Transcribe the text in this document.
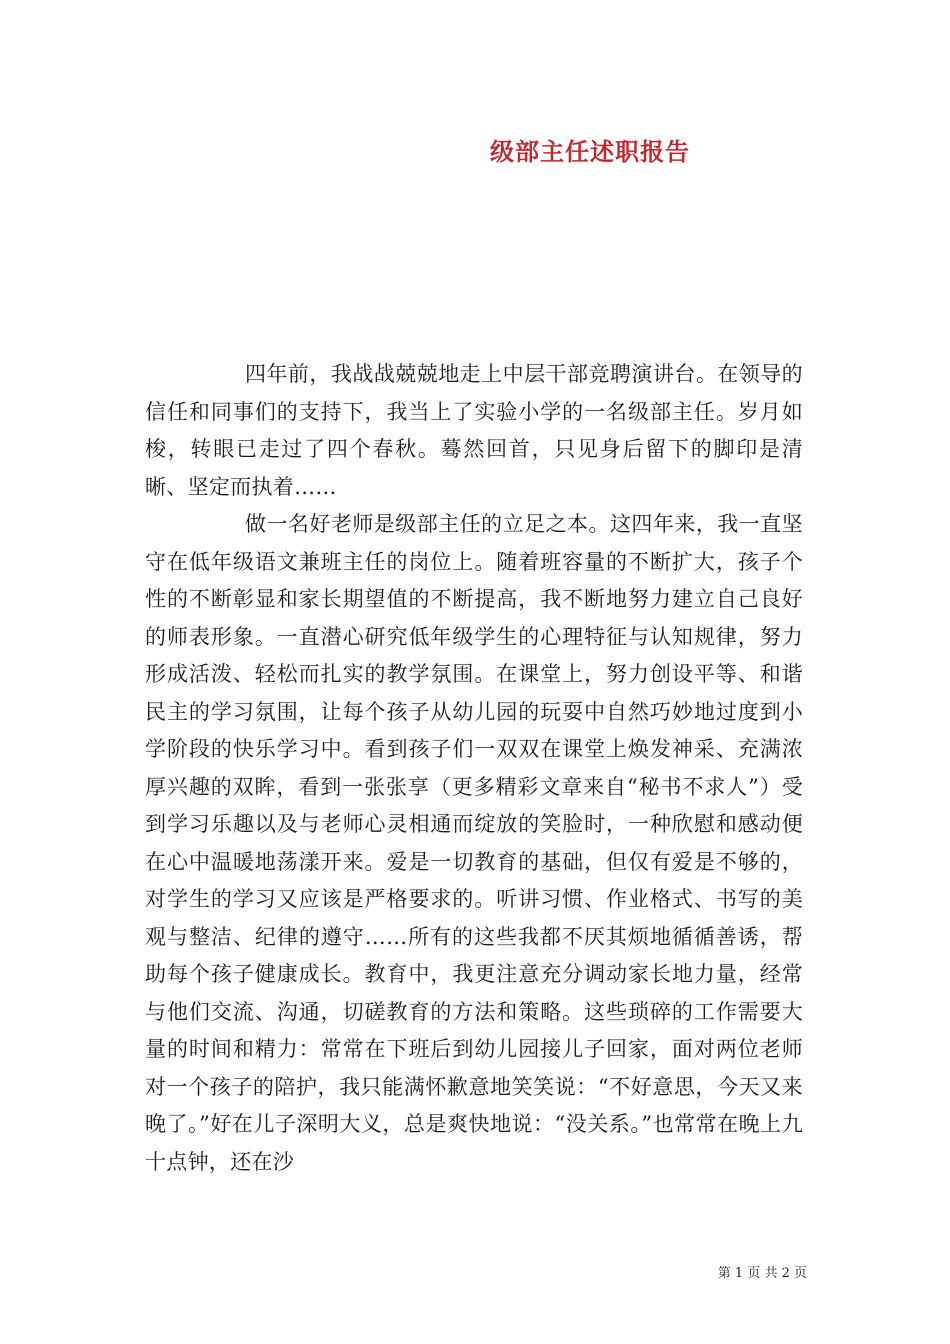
级部主任述职报告

四年前，我战战兢兢地走上中层干部竞聘演讲台。在领导的信任和同事们的支持下，我当上了实验小学的一名级部主任。岁月如梭，转眼已走过了四个春秋。蓦然回首，只见身后留下的脚印是清晰、坚定而执着……

做一名好老师是级部主任的立足之本。这四年来，我一直坚守在低年级语文兼班主任的岗位上。随着班容量的不断扩大，孩子个性的不断彰显和家长期望值的不断提高，我不断地努力建立自己良好的师表形象。一直潜心研究低年级学生的心理特征与认知规律，努力形成活泼、轻松而扎实的教学氛围。在课堂上，努力创设平等、和谐民主的学习氛围，让每个孩子从幼儿园的玩耍中自然巧妙地过度到小学阶段的快乐学习中。看到孩子们一双双在课堂上焕发神采、充满浓厚兴趣的双眸，看到一张张享（更多精彩文章来自“秘书不求人”）受到学习乐趣以及与老师心灵相通而绽放的笑脸时，一种欣慰和感动便在心中温暖地荡漾开来。爱是一切教育的基础，但仅有爱是不够的，对学生的学习又应该是严格要求的。听讲习惯、作业格式、书写的美观与整洁、纪律的遵守……所有的这些我都不厌其烦地循循善诱，帮助每个孩子健康成长。教育中，我更注意充分调动家长地力量，经常与他们交流、沟通，切磋教育的方法和策略。这些琐碎的工作需要大量的时间和精力：常常在下班后到幼儿园接儿子回家，面对两位老师对一个孩子的陪护，我只能满怀歉意地笑笑说：“不好意思，今天又来晚了。”好在儿子深明大义，总是爽快地说：“没关系。”也常常在晚上九十点钟，还在沙

第 1 页 共 2 页
